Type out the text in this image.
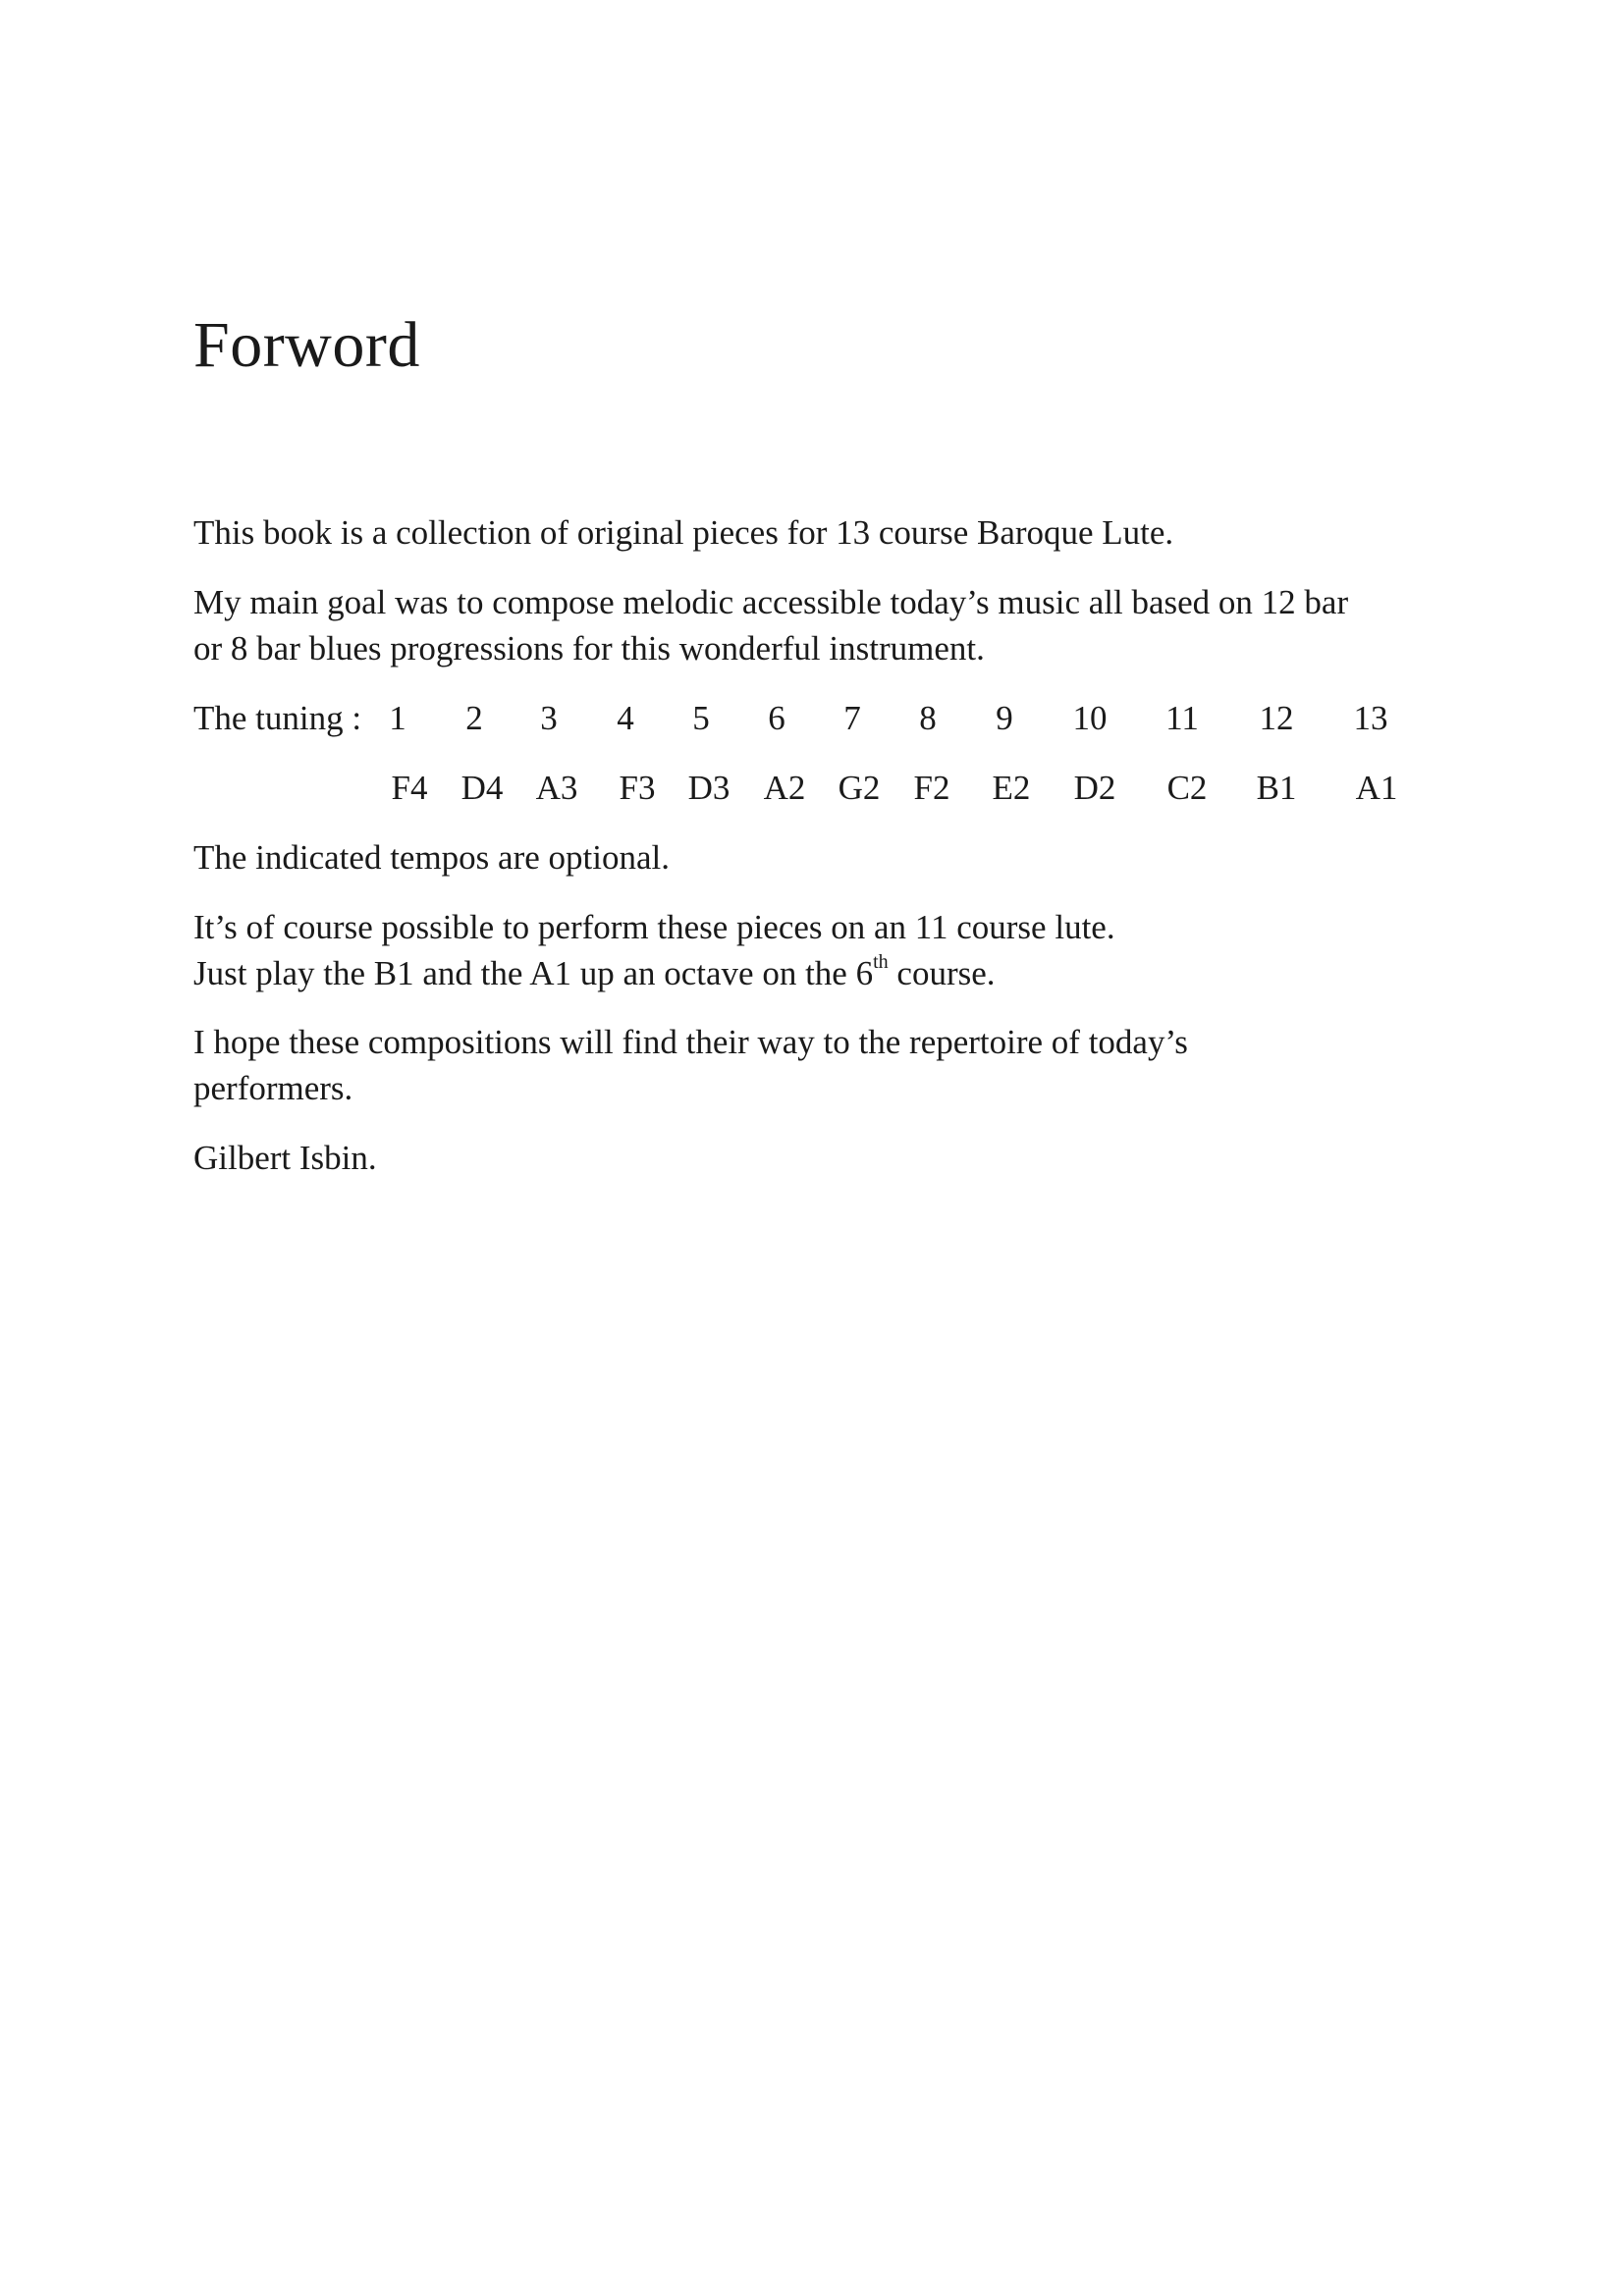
Forword

This book is a collection of original pieces for 13 course Baroque Lute.

My main goal was to compose melodic accessible today’s music all based on 12 bar

or 8 bar blues progressions for this wonderful instrument.

The tuning : 1 2 3 4 5 6 7 8 9 10 11 12 13
F4 D4 A3 F3 D3 A2 G2 F2 E2 D2 C2 B1 A1

The indicated tempos are optional.

It’s of course possible to perform these pieces on an 11 course lute.

Just play the B1 and the A1 up an octave on the 6th course.

I hope these compositions will find their way to the repertoire of today’s

performers.

Gilbert Isbin.
